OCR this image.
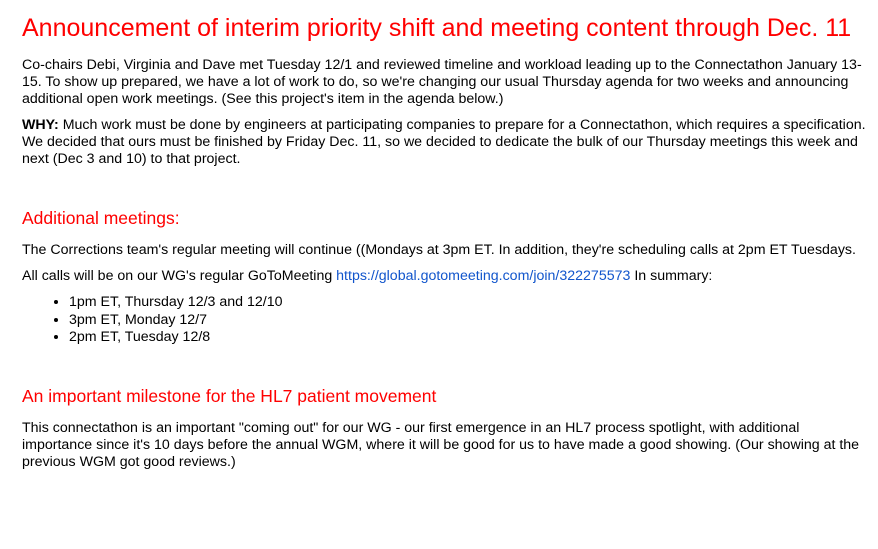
Announcement of interim priority shift and meeting content through Dec. 11

Co-chairs Debi, Virginia and Dave met Tuesday 12/1 and reviewed timeline and workload leading up to the Connectathon January 13-15. To show up prepared, we have a lot of work to do, so we're changing our usual Thursday agenda for two weeks and announcing additional open work meetings. (See this project's item in the agenda below.)

WHY: Much work must be done by engineers at participating companies to prepare for a Connectathon, which requires a specification. We decided that ours must be finished by Friday Dec. 11, so we decided to dedicate the bulk of our Thursday meetings this week and next (Dec 3 and 10) to that project.

Additional meetings:

The Corrections team's regular meeting will continue ((Mondays at 3pm ET. In addition, they're scheduling calls at 2pm ET Tuesdays.

All calls will be on our WG's regular GoToMeeting https://global.gotomeeting.com/join/322275573 In summary:

• 1pm ET, Thursday 12/3 and 12/10
• 3pm ET, Monday 12/7
• 2pm ET, Tuesday 12/8
An important milestone for the HL7 patient movement

This connectathon is an important "coming out" for our WG - our first emergence in an HL7 process spotlight, with additional importance since it's 10 days before the annual WGM, where it will be good for us to have made a good showing. (Our showing at the previous WGM got good reviews.)
